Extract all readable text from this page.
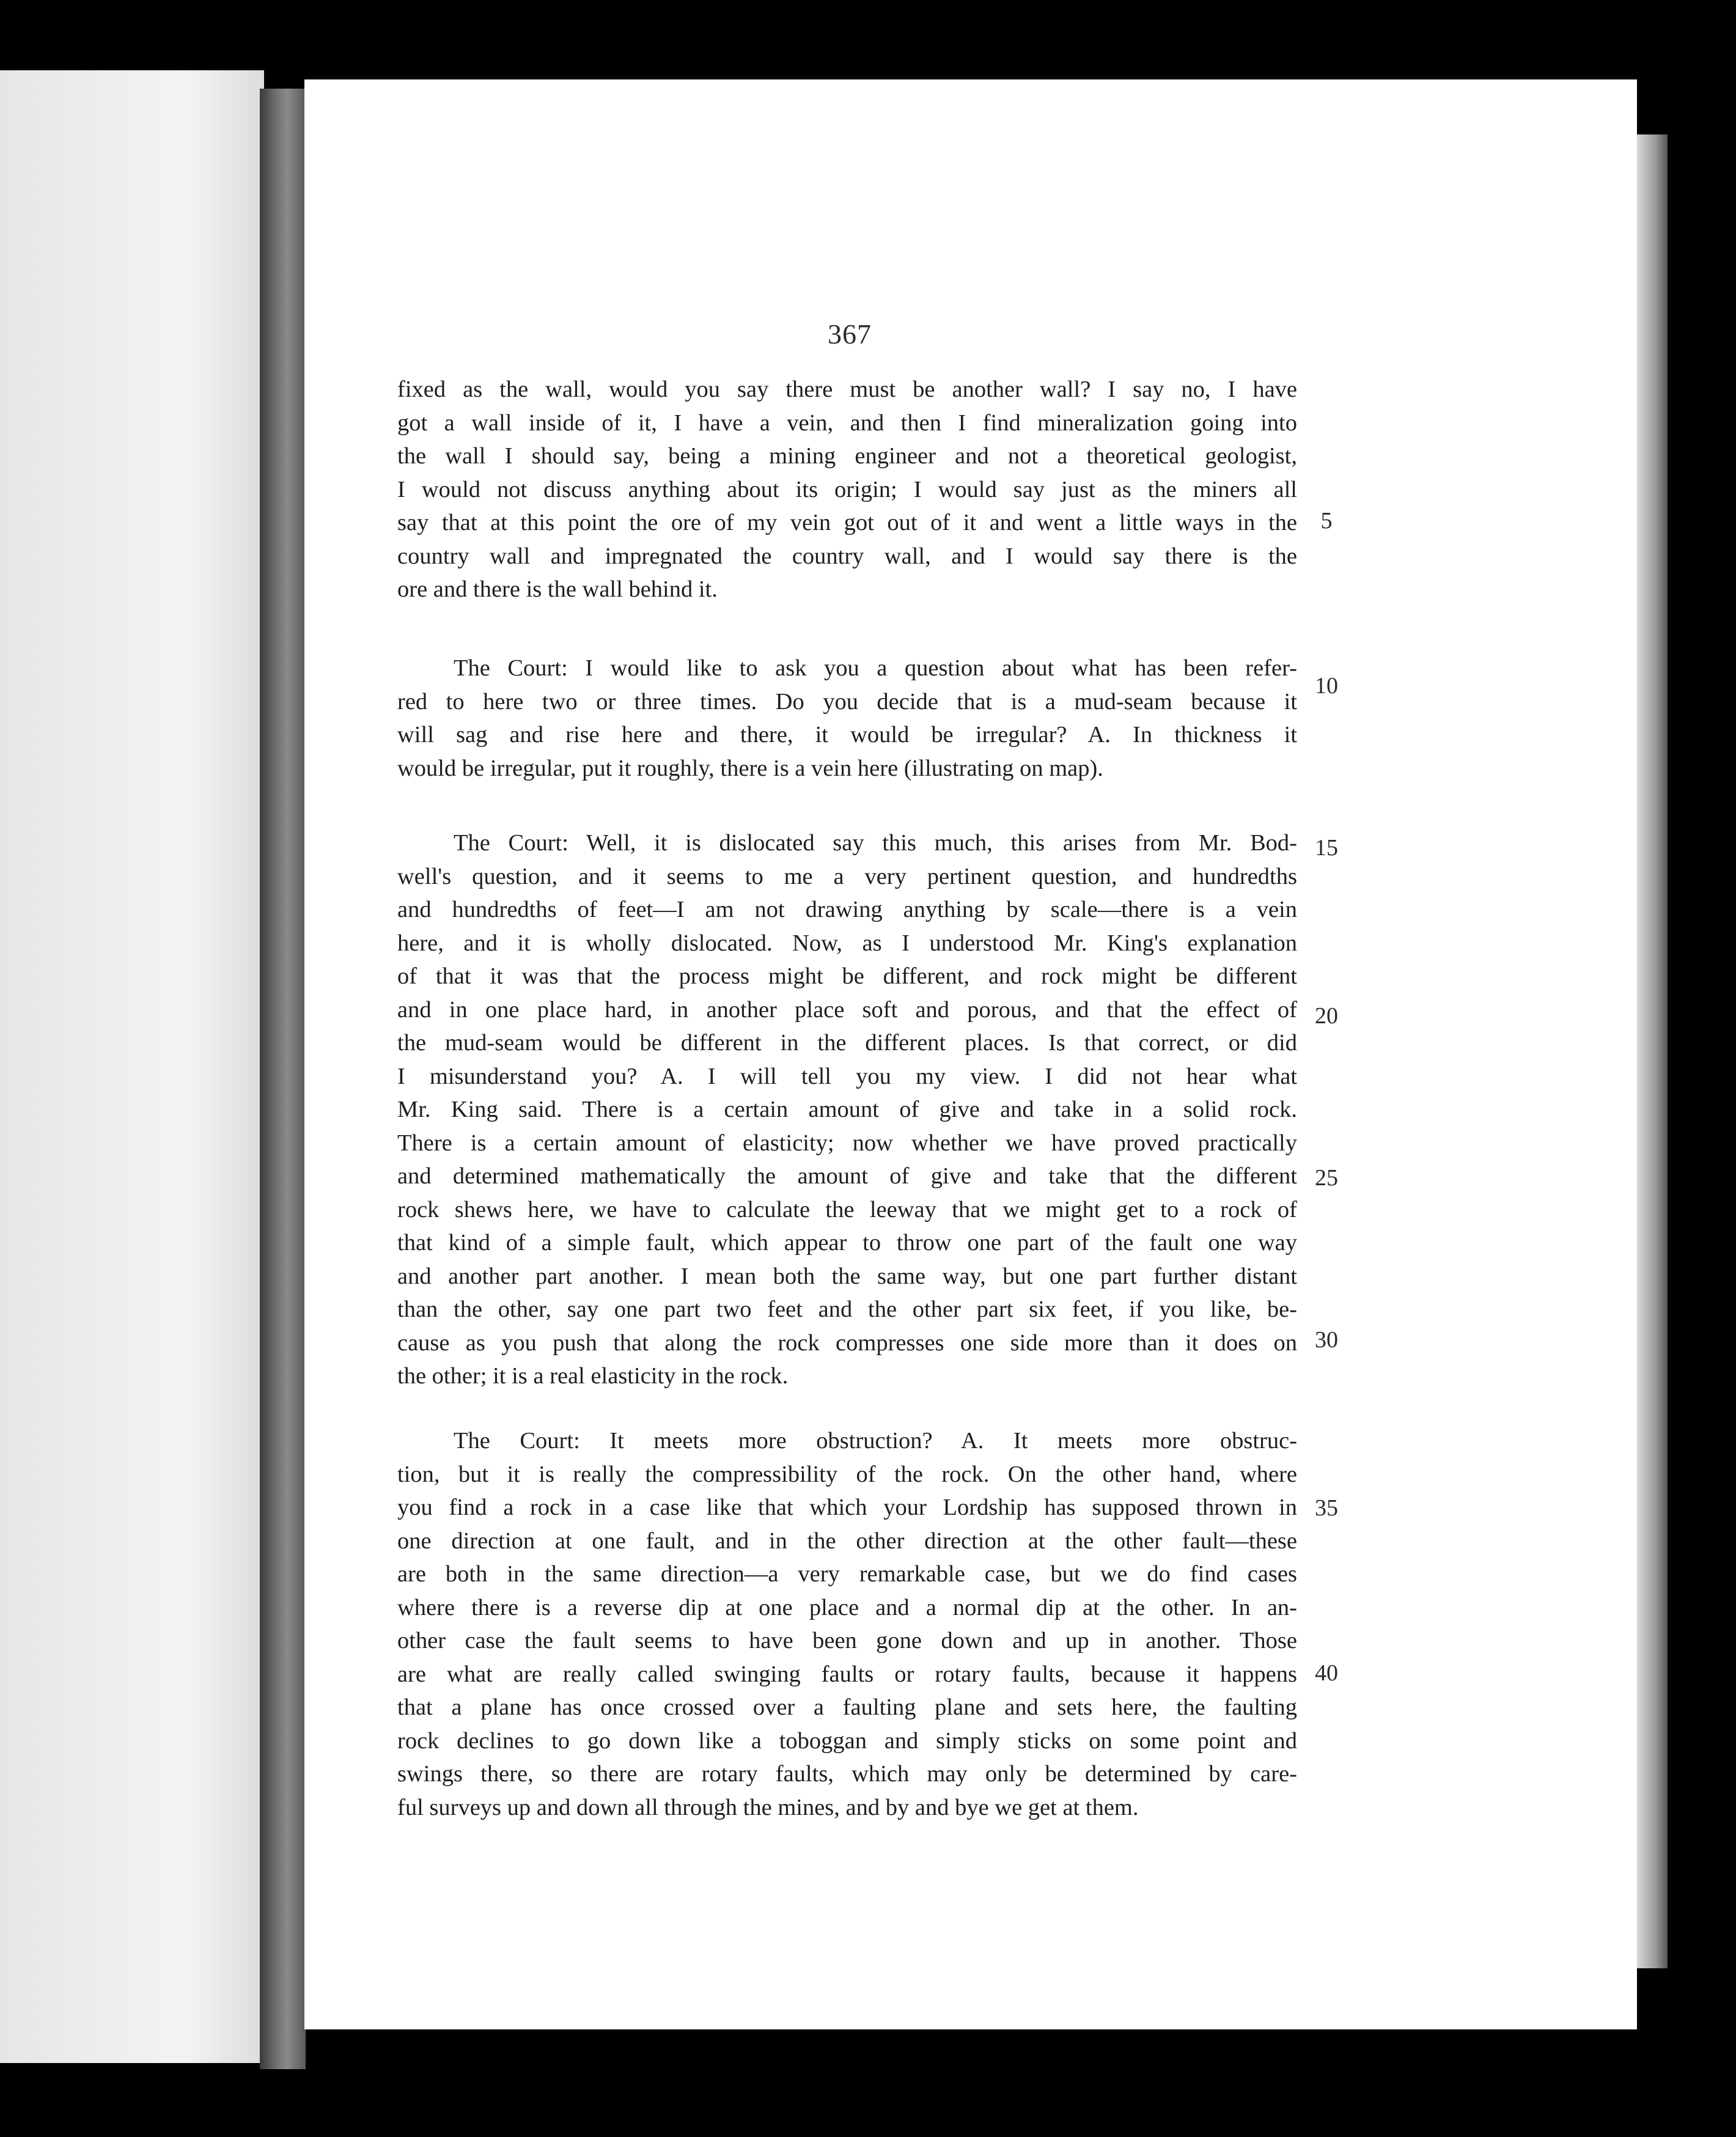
367
fixed as the wall, would you say there must be another wall? I say no, I have
got a wall inside of it, I have a vein, and then I find mineralization going into
the wall I should say, being a mining engineer and not a theoretical geologist,
I would not discuss anything about its origin; I would say just as the miners all
say that at this point the ore of my vein got out of it and went a little ways in the
country wall and impregnated the country wall, and I would say there is the
ore and there is the wall behind it.
The Court: I would like to ask you a question about what has been refer-
red to here two or three times. Do you decide that is a mud-seam because it
will sag and rise here and there, it would be irregular? A. In thickness it
would be irregular, put it roughly, there is a vein here (illustrating on map).
The Court: Well, it is dislocated say this much, this arises from Mr. Bod-
well's question, and it seems to me a very pertinent question, and hundredths
and hundredths of feet—I am not drawing anything by scale—there is a vein
here, and it is wholly dislocated. Now, as I understood Mr. King's explanation
of that it was that the process might be different, and rock might be different
and in one place hard, in another place soft and porous, and that the effect of
the mud-seam would be different in the different places. Is that correct, or did
I misunderstand you? A. I will tell you my view. I did not hear what
Mr. King said. There is a certain amount of give and take in a solid rock.
There is a certain amount of elasticity; now whether we have proved practically
and determined mathematically the amount of give and take that the different
rock shews here, we have to calculate the leeway that we might get to a rock of
that kind of a simple fault, which appear to throw one part of the fault one way
and another part another. I mean both the same way, but one part further distant
than the other, say one part two feet and the other part six feet, if you like, be-
cause as you push that along the rock compresses one side more than it does on
the other; it is a real elasticity in the rock.
The Court: It meets more obstruction? A. It meets more obstruc-
tion, but it is really the compressibility of the rock. On the other hand, where
you find a rock in a case like that which your Lordship has supposed thrown in
one direction at one fault, and in the other direction at the other fault—these
are both in the same direction—a very remarkable case, but we do find cases
where there is a reverse dip at one place and a normal dip at the other. In an-
other case the fault seems to have been gone down and up in another. Those
are what are really called swinging faults or rotary faults, because it happens
that a plane has once crossed over a faulting plane and sets here, the faulting
rock declines to go down like a toboggan and simply sticks on some point and
swings there, so there are rotary faults, which may only be determined by care-
ful surveys up and down all through the mines, and by and bye we get at them.
5
10
15
20
25
30
35
40
